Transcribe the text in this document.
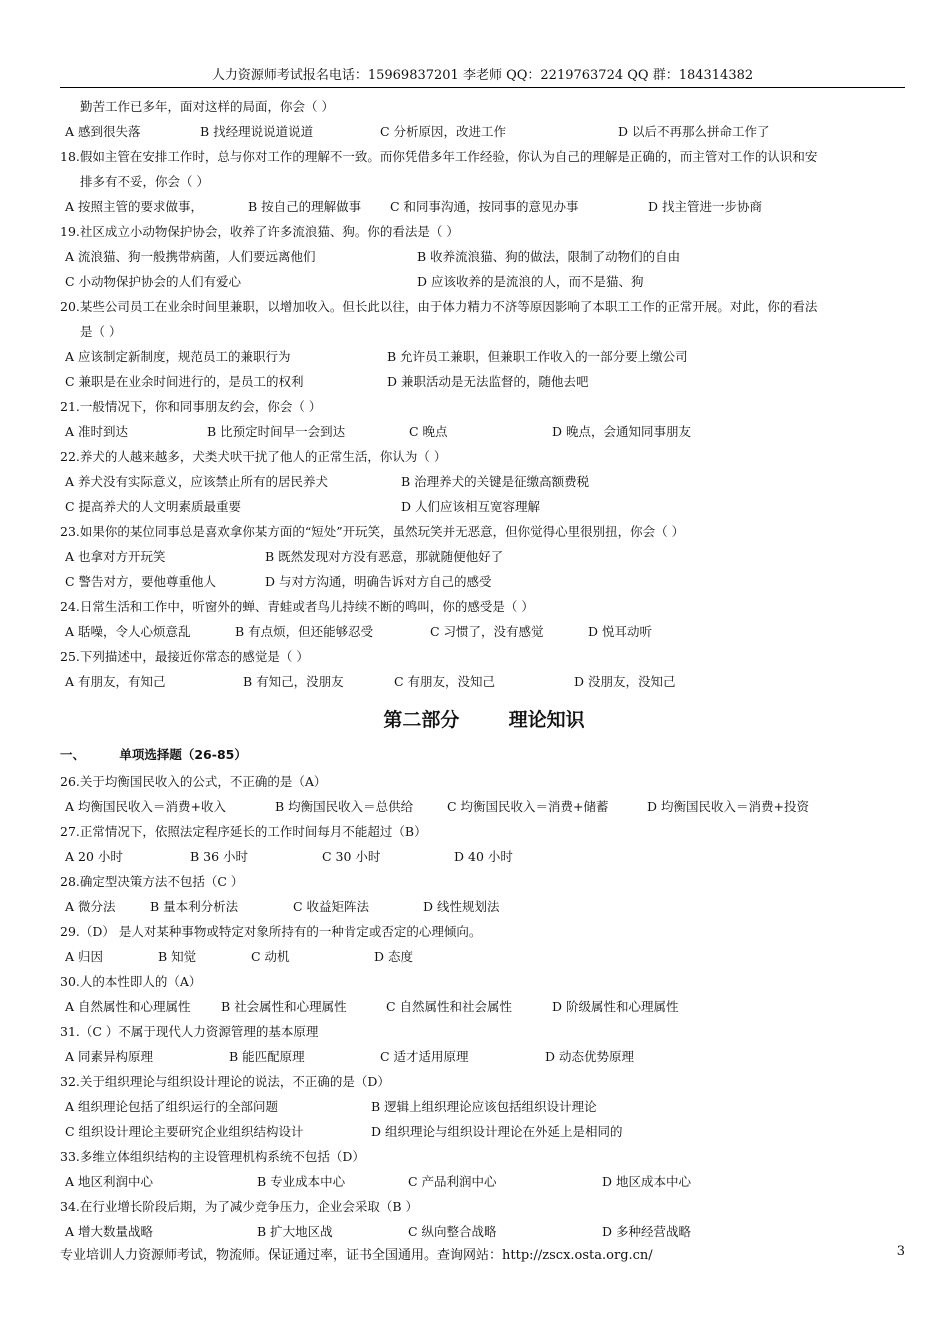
人力资源师考试报名电话：15969837201 李老师 QQ：2219763724 QQ 群：184314382
勤苦工作已多年，面对这样的局面，你会（ ）
A 感到很失落	B 找经理说说道说道	C 分析原因，改进工作	D 以后不再那么拼命工作了
18.假如主管在安排工作时，总与你对工作的理解不一致。而你凭借多年工作经验，你认为自己的理解是正确的，而主管对工作的认识和安
排多有不妥，你会（ ）
A 按照主管的要求做事，	B 按自己的理解做事	C 和同事沟通，按同事的意见办事	D 找主管进一步协商
19.社区成立小动物保护协会，收养了许多流浪猫、狗。你的看法是（ ）
A 流浪猫、狗一般携带病菌，人们要远离他们	B 收养流浪猫、狗的做法，限制了动物们的自由
C 小动物保护协会的人们有爱心	D 应该收养的是流浪的人，而不是猫、狗
20.某些公司员工在业余时间里兼职，以增加收入。但长此以往，由于体力精力不济等原因影响了本职工工作的正常开展。对此，你的看法
是（ ）
A 应该制定新制度，规范员工的兼职行为	B 允许员工兼职，但兼职工作收入的一部分要上缴公司
C 兼职是在业余时间进行的，是员工的权利	D 兼职活动是无法监督的，随他去吧
21.一般情况下，你和同事朋友约会，你会（ ）
A 准时到达	B 比预定时间早一会到达	C 晚点	D 晚点，会通知同事朋友
22.养犬的人越来越多，犬类犬吠干扰了他人的正常生活，你认为（ ）
A 养犬没有实际意义，应该禁止所有的居民养犬	B 治理养犬的关键是征缴高额费税
C 提高养犬的人文明素质最重要	D 人们应该相互宽容理解
23.如果你的某位同事总是喜欢拿你某方面的“短处”开玩笑，虽然玩笑并无恶意，但你觉得心里很别扭，你会（ ）
A 也拿对方开玩笑	B 既然发现对方没有恶意，那就随便他好了
C 警告对方，要他尊重他人	D 与对方沟通，明确告诉对方自己的感受
24.日常生活和工作中，听窗外的蝉、青蛙或者鸟儿持续不断的鸣叫，你的感受是（ ）
A 聒噪，令人心烦意乱	B 有点烦，但还能够忍受	C 习惯了，没有感觉	D 悦耳动听
25.下列描述中，最接近你常态的感觉是（ ）
A 有朋友，有知己	B 有知己，没朋友	C 有朋友，没知己	D 没朋友，没知己
第二部分	理论知识
一、	单项选择题（26-85）
26.关于均衡国民收入的公式，不正确的是（A）
A 均衡国民收入＝消费+收入	B 均衡国民收入＝总供给	C 均衡国民收入＝消费+储蓄	D 均衡国民收入＝消费+投资
27.正常情况下，依照法定程序延长的工作时间每月不能超过（B）
A 20 小时	B 36 小时	C 30 小时	D 40 小时
28.确定型决策方法不包括（C ）
A 微分法	B 量本利分析法	C 收益矩阵法	D 线性规划法
29.（D） 是人对某种事物或特定对象所持有的一种肯定或否定的心理倾向。
A 归因	B 知觉	C 动机	D 态度
30.人的本性即人的（A）
A 自然属性和心理属性	B 社会属性和心理属性	C 自然属性和社会属性	D 阶级属性和心理属性
31.（C ）不属于现代人力资源管理的基本原理
A 同素异构原理	B 能匹配原理	C 适才适用原理	D 动态优势原理
32.关于组织理论与组织设计理论的说法，不正确的是（D）
A 组织理论包括了组织运行的全部问题	B 逻辑上组织理论应该包括组织设计理论
C 组织设计理论主要研究企业组织结构设计	D 组织理论与组织设计理论在外延上是相同的
33.多维立体组织结构的主设管理机构系统不包括（D）
A 地区利润中心	B 专业成本中心	C 产品利润中心	D 地区成本中心
34.在行业增长阶段后期，为了减少竞争压力，企业会采取（B ）
A 增大数量战略	B 扩大地区战	C 纵向整合战略	D 多种经营战略
专业培训人力资源师考试，物流师。保证通过率，证书全国通用。查询网站：http://zscx.osta.org.cn/	3
